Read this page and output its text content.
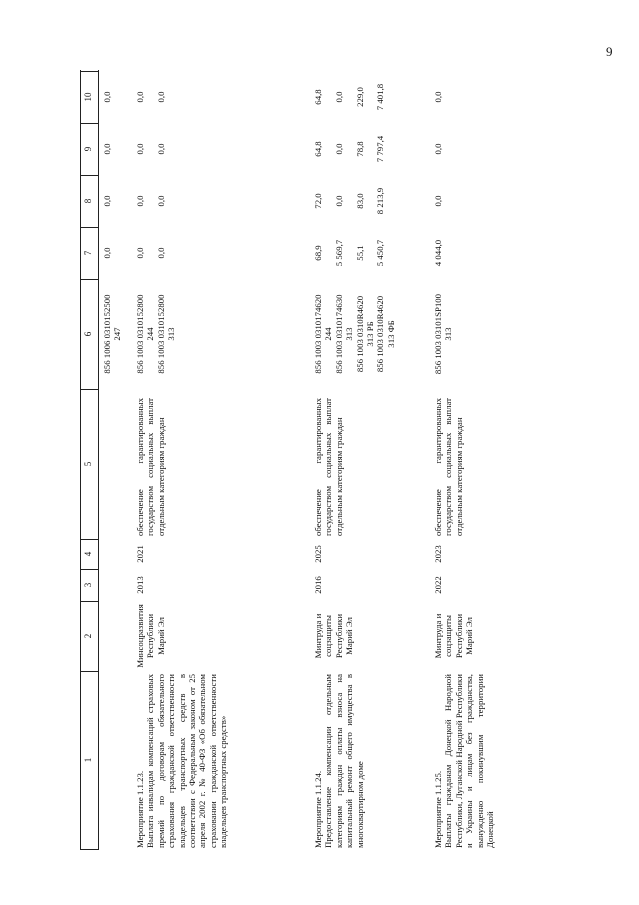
9
1
2
3
4
5
6
7
8
9
10
856 1006 0310152500
247
0,0
0,0
0,0
0,0
Мероприятие 1.1.23.
Выплата инвалидам компенсаций страховых премий по договорам обязательного страхования гражданской ответственности владельцев транспортных средств в соответствии с Федеральным законом от 25 апреля 2002 г. № 40-ФЗ «Об обязательном страховании гражданской ответственности владельцев транспортных средств»
Минсоцразвития Республики Марий Эл
2013
2021
обеспечение гарантированных государством социальных выплат отдельным категориям граждан
856 1003 0310152800
244
856 1003 0310152800
313
0,0

0,0
0,0

0,0
0,0

0,0
0,0

0,0
Мероприятие 1.1.24.
Предоставление компенсации отдельным категориям граждан оплаты взноса на капитальный ремонт общего имущества в многоквартирном доме
Минтруда и соцзащиты Республики Марий Эл
2016
2025
обеспечение гарантированных государством социальных выплат отдельным категориям граждан
856 1003 0310174620
244
856 1003 0310174630
313
856 1003 0310R4620
313 РБ
856 1003 0310R4620
313 ФБ
68,9

5 569,7

55,1

5 450,7
72,0

0,0

83,0

8 213,9
64,8

0,0

78,8

7 797,4
64,8

0,0

229,0

7 401,8
Мероприятие 1.1.25.
Выплаты гражданам Донецкой Народной Республики, Луганской Народной Республики и Украины и лицам без гражданства, вынужденно покинувшим территории Донецкой
Минтруда и соцзащиты Республики Марий Эл
2022
2023
обеспечение гарантированных государством социальных выплат отдельным категориям граждан
856 1003 03101SP100
313
4 044,0
0,0
0,0
0,0
